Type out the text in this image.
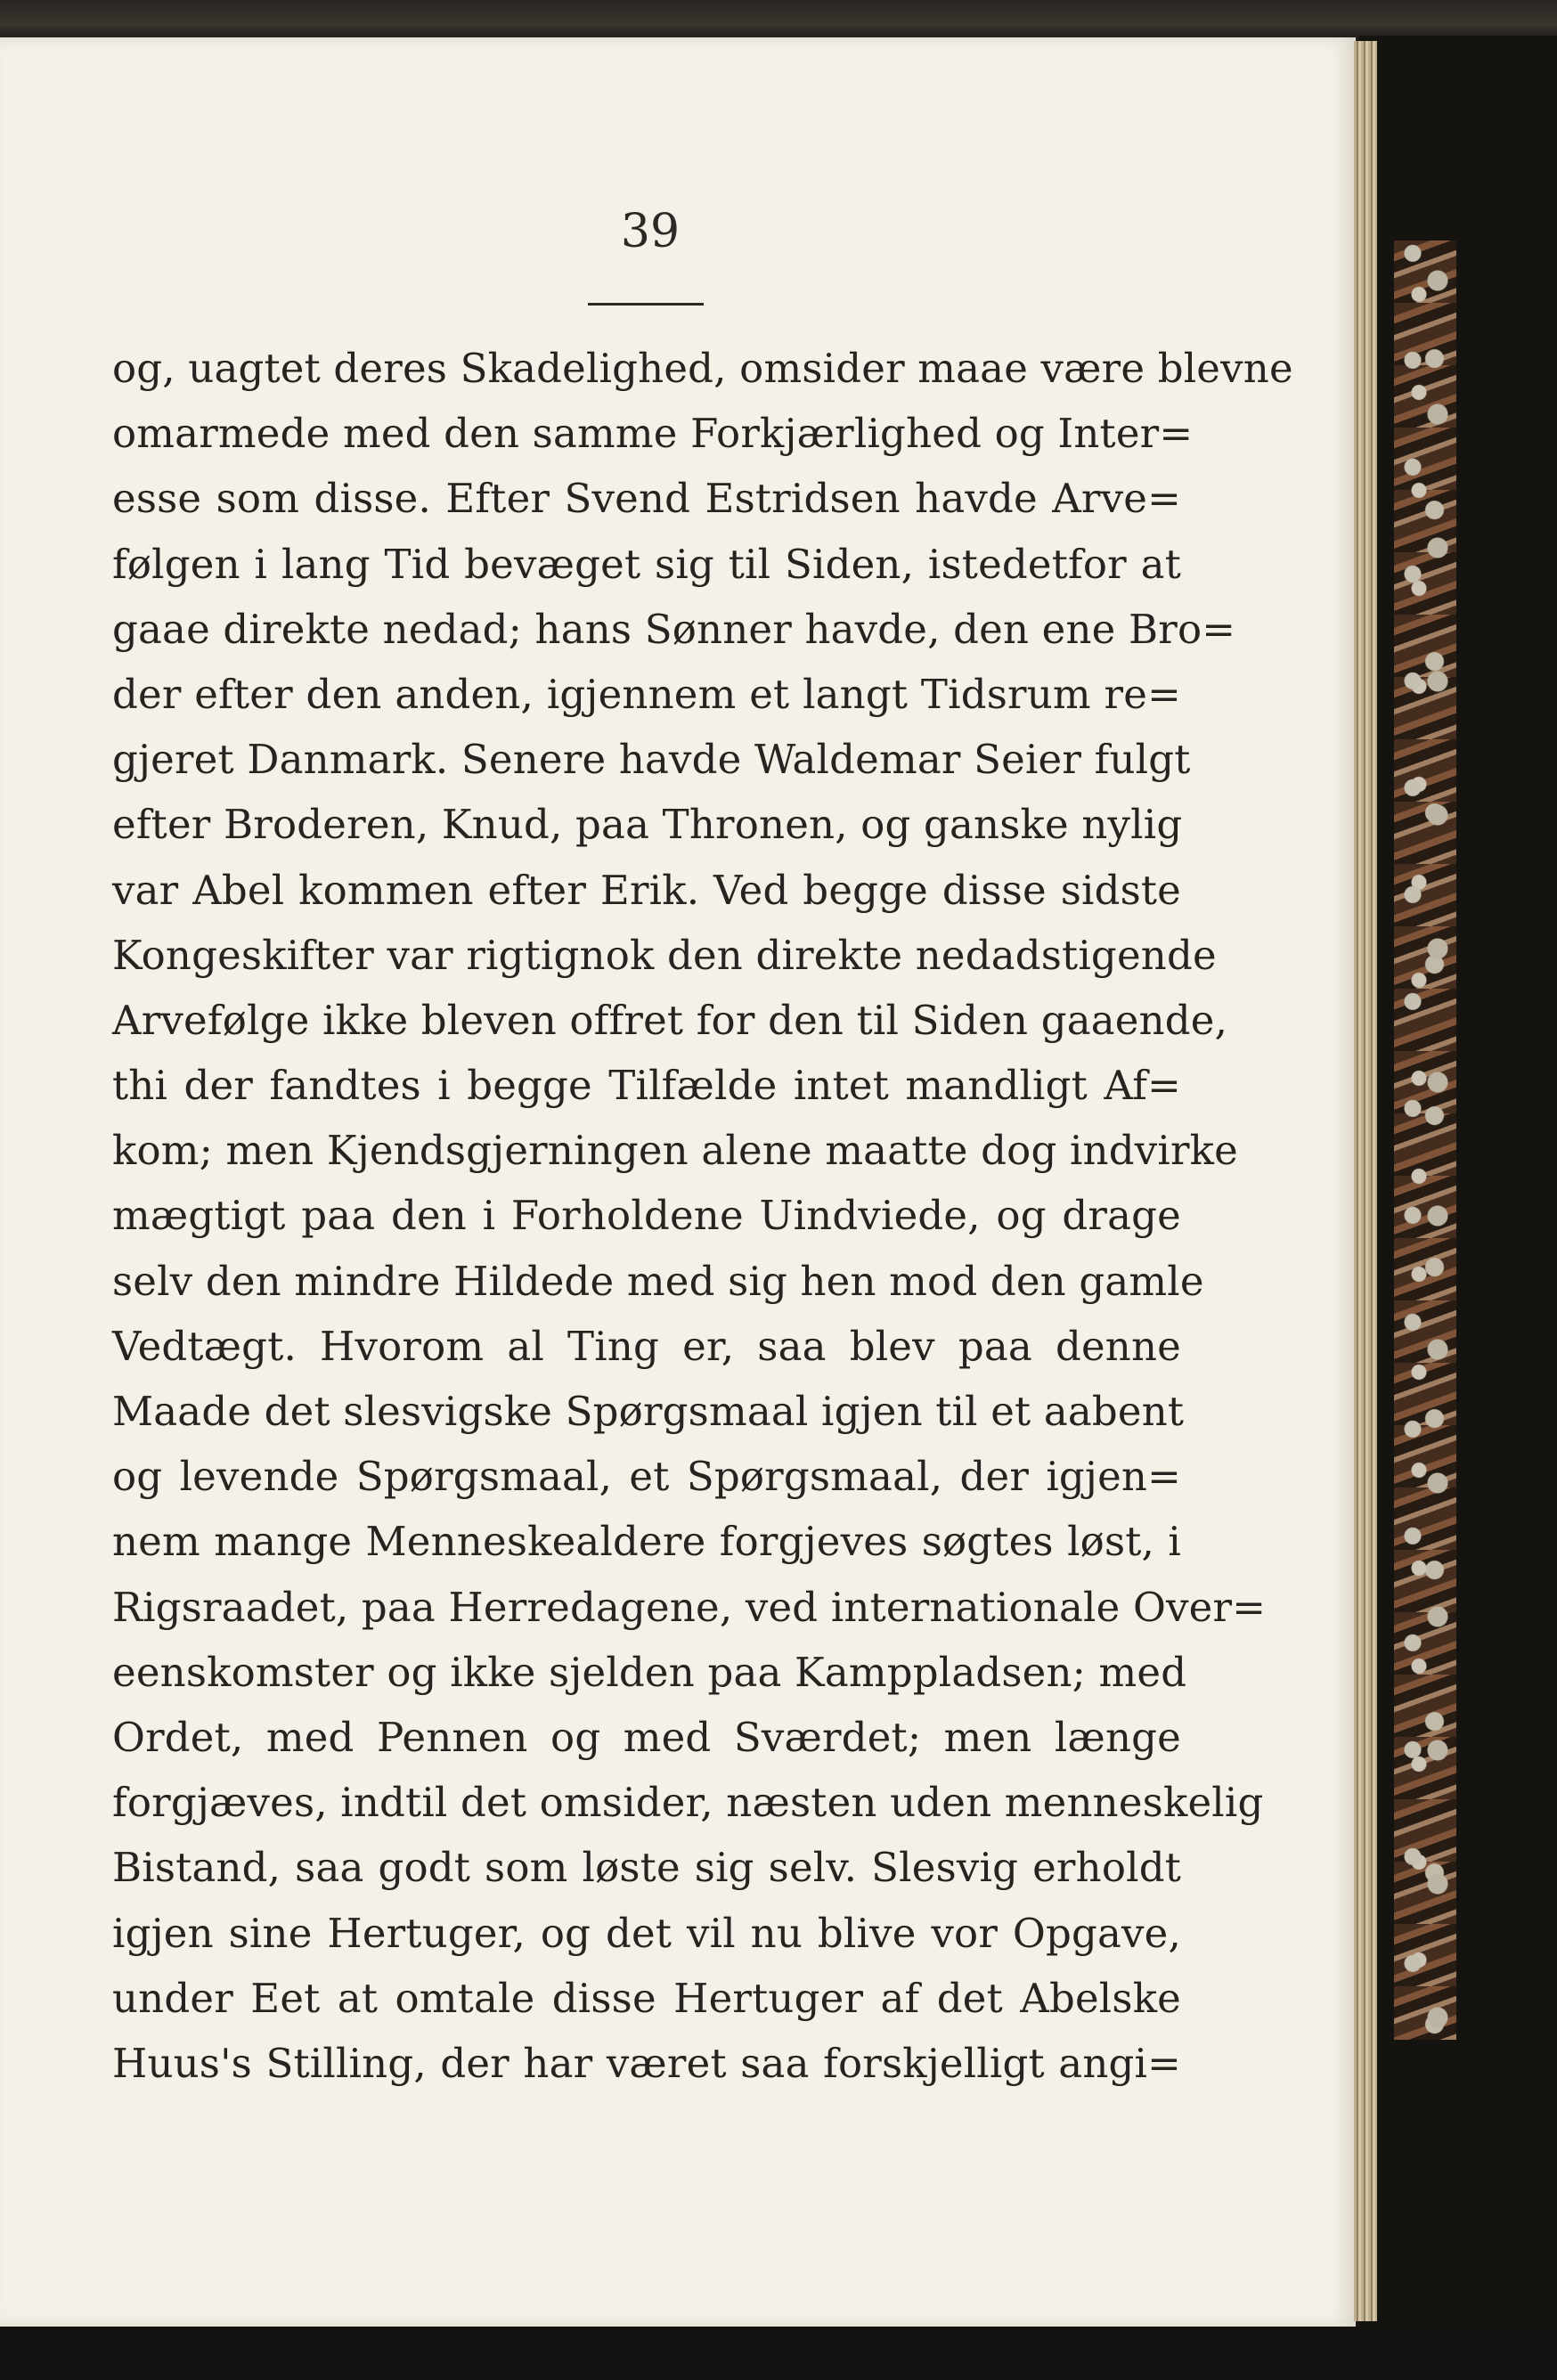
39
og, uagtet deres Skadelighed, omsider maae være blevne
omarmede med den samme Forkjærlighed og Inter=
esse som disse. Efter Svend Estridsen havde Arve=
følgen i lang Tid bevæget sig til Siden, istedetfor at
gaae direkte nedad; hans Sønner havde, den ene Bro=
der efter den anden, igjennem et langt Tidsrum re=
gjeret Danmark. Senere havde Waldemar Seier fulgt
efter Broderen, Knud, paa Thronen, og ganske nylig
var Abel kommen efter Erik. Ved begge disse sidste
Kongeskifter var rigtignok den direkte nedadstigende
Arvefølge ikke bleven offret for den til Siden gaaende,
thi der fandtes i begge Tilfælde intet mandligt Af=
kom; men Kjendsgjerningen alene maatte dog indvirke
mægtigt paa den i Forholdene Uindviede, og drage
selv den mindre Hildede med sig hen mod den gamle
Vedtægt. Hvorom al Ting er, saa blev paa denne
Maade det slesvigske Spørgsmaal igjen til et aabent
og levende Spørgsmaal, et Spørgsmaal, der igjen=
nem mange Menneskealdere forgjeves søgtes løst, i
Rigsraadet, paa Herredagene, ved internationale Over=
eenskomster og ikke sjelden paa Kamppladsen; med
Ordet, med Pennen og med Sværdet; men længe
forgjæves, indtil det omsider, næsten uden menneskelig
Bistand, saa godt som løste sig selv. Slesvig erholdt
igjen sine Hertuger, og det vil nu blive vor Opgave,
under Eet at omtale disse Hertuger af det Abelske
Huus's Stilling, der har været saa forskjelligt angi=
